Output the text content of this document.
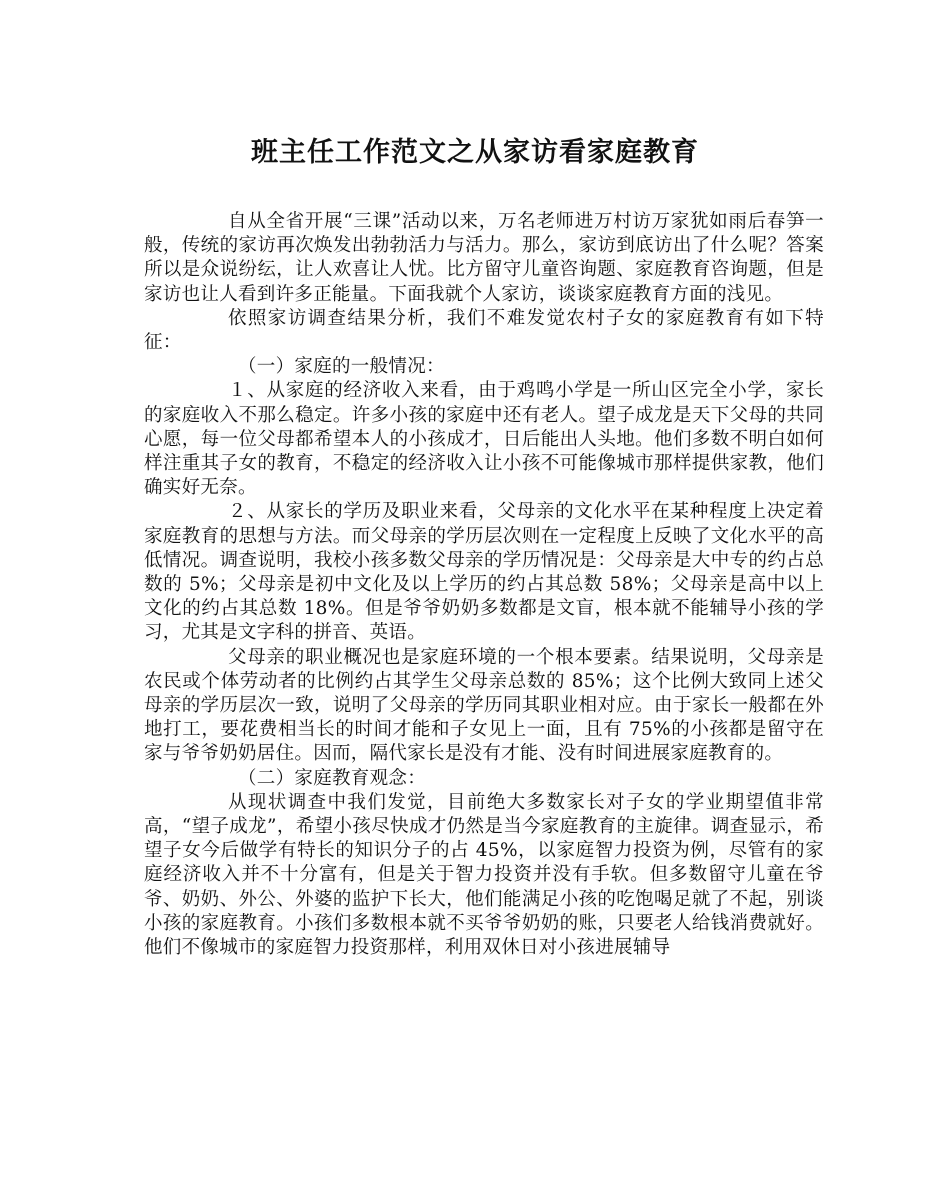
班主任工作范文之从家访看家庭教育

自从全省开展“三课”活动以来，万名老师进万村访万家犹如雨后春笋一般，传统的家访再次焕发出勃勃活力与活力。那么，家访到底访出了什么呢？答案所以是众说纷纭，让人欢喜让人忧。比方留守儿童咨询题、家庭教育咨询题，但是家访也让人看到许多正能量。下面我就个人家访，谈谈家庭教育方面的浅见。

依照家访调查结果分析，我们不难发觉农村子女的家庭教育有如下特征：

（一）家庭的一般情况：

１、从家庭的经济收入来看，由于鸡鸣小学是一所山区完全小学，家长的家庭收入不那么稳定。许多小孩的家庭中还有老人。望子成龙是天下父母的共同心愿，每一位父母都希望本人的小孩成才，日后能出人头地。他们多数不明白如何样注重其子女的教育，不稳定的经济收入让小孩不可能像城市那样提供家教，他们确实好无奈。

２、从家长的学历及职业来看，父母亲的文化水平在某种程度上决定着家庭教育的思想与方法。而父母亲的学历层次则在一定程度上反映了文化水平的高低情况。调查说明，我校小孩多数父母亲的学历情况是：父母亲是大中专的约占总数的 5%；父母亲是初中文化及以上学历的约占其总数 58%；父母亲是高中以上文化的约占其总数 18%。但是爷爷奶奶多数都是文盲，根本就不能辅导小孩的学习，尤其是文字科的拼音、英语。

父母亲的职业概况也是家庭环境的一个根本要素。结果说明，父母亲是农民或个体劳动者的比例约占其学生父母亲总数的 85%；这个比例大致同上述父母亲的学历层次一致，说明了父母亲的学历同其职业相对应。由于家长一般都在外地打工，要花费相当长的时间才能和子女见上一面，且有 75%的小孩都是留守在家与爷爷奶奶居住。因而，隔代家长是没有才能、没有时间进展家庭教育的。

（二）家庭教育观念：

从现状调查中我们发觉，目前绝大多数家长对子女的学业期望值非常高，“望子成龙”，希望小孩尽快成才仍然是当今家庭教育的主旋律。调查显示，希望子女今后做学有特长的知识分子的占 45%，以家庭智力投资为例，尽管有的家庭经济收入并不十分富有，但是关于智力投资并没有手软。但多数留守儿童在爷爷、奶奶、外公、外婆的监护下长大，他们能满足小孩的吃饱喝足就了不起，别谈小孩的家庭教育。小孩们多数根本就不买爷爷奶奶的账，只要老人给钱消费就好。他们不像城市的家庭智力投资那样，利用双休日对小孩进展辅导
